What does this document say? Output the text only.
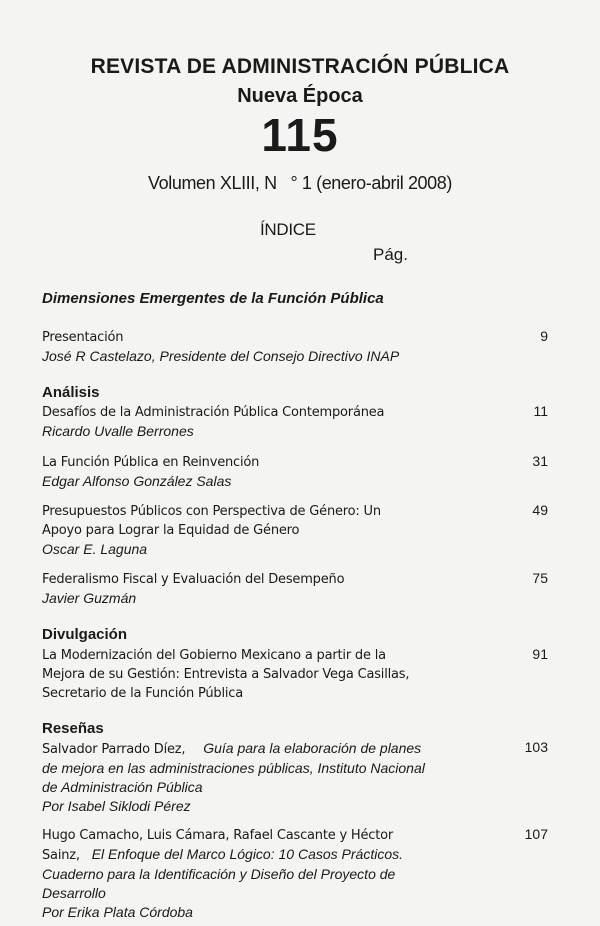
REVISTA DE ADMINISTRACIÓN PÚBLICA
Nueva Época
115
Volumen XLIII, N   ° 1 (enero-abril 2008)
ÍNDICE
Pág.
Dimensiones Emergentes de la Función Pública
Presentación
José R Castelazo, Presidente del Consejo Directivo INAP
9
Análisis
Desafíos de la Administración Pública Contemporánea
Ricardo Uvalle Berrones
11
La Función Pública en Reinvención
Edgar Alfonso González Salas
31
Presupuestos Públicos con Perspectiva de Género: Un
Apoyo para Lograr la Equidad de Género
Oscar E. Laguna
49
Federalismo Fiscal y Evaluación del Desempeño
Javier Guzmán
75
Divulgación
La Modernización del Gobierno Mexicano a partir de la
Mejora de su Gestión: Entrevista a Salvador Vega Casillas,
Secretario de la Función Pública
91
Reseñas
Salvador Parrado Díez, Guía para la elaboración de planes
de mejora en las administraciones públicas, Instituto Nacional
de Administración Pública
Por Isabel Siklodi Pérez
103
Hugo Camacho, Luis Cámara, Rafael Cascante y Héctor
Sainz, El Enfoque del Marco Lógico: 10 Casos Prácticos.
Cuaderno para la Identificación y Diseño del Proyecto de
Desarrollo
Por Erika Plata Córdoba
107
